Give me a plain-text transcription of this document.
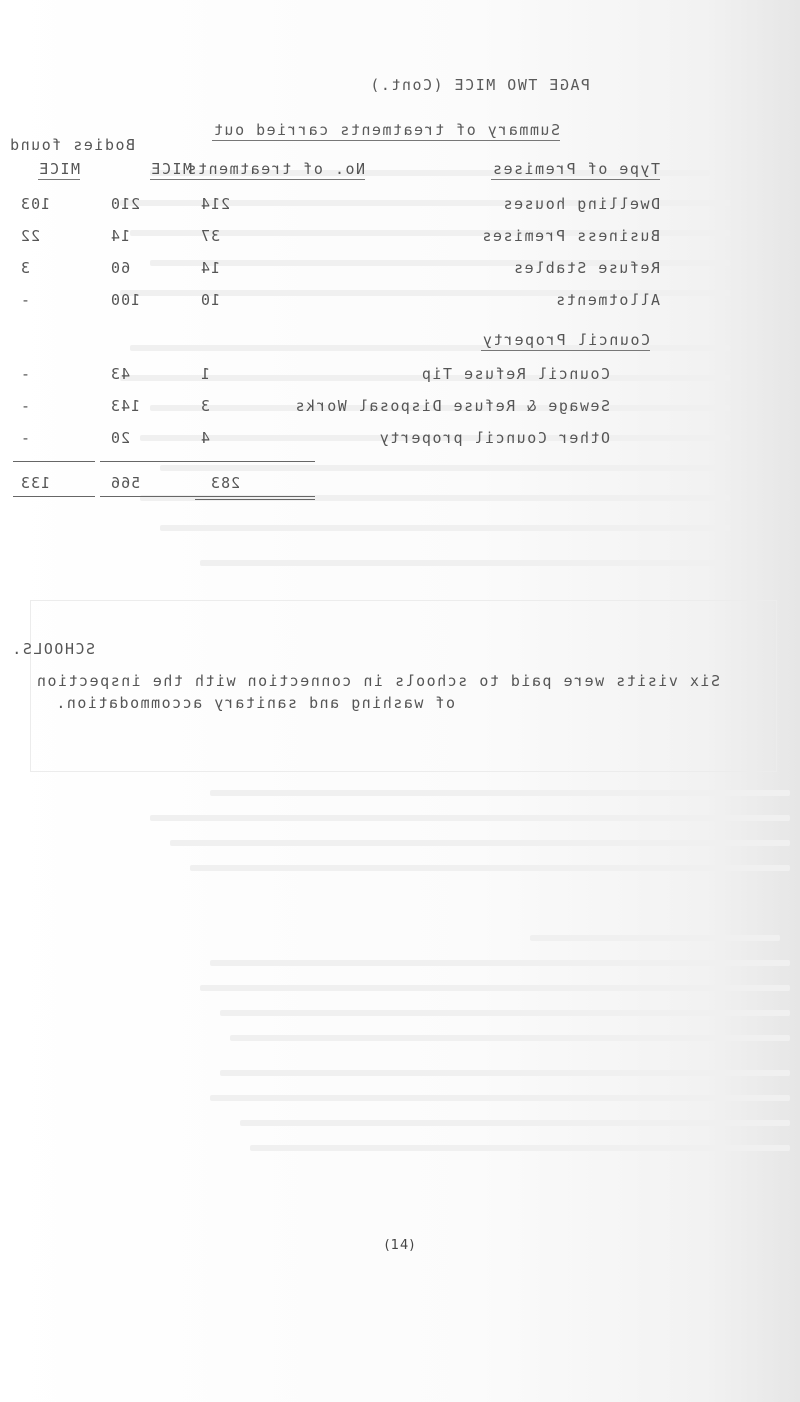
PAGE TWO MICE (Cont.)
Summary of treatments carried out
Bodies found
Type of Premises
No. of treatments
MICE
MICE
Dwelling houses
214
210
103
Business Premises
37
14
22
Refuse Stables
14
60
3
Allotments
10
100
-
Council Property
Council Refuse Tip
1
43
-
Sewage & Refuse Disposal Works
3
143
-
Other Council property
4
20
-
283
566
133
SCHOOLS.
Six visits were paid to schools in connection with the inspection
of washing and sanitary accommodation.
(14)
